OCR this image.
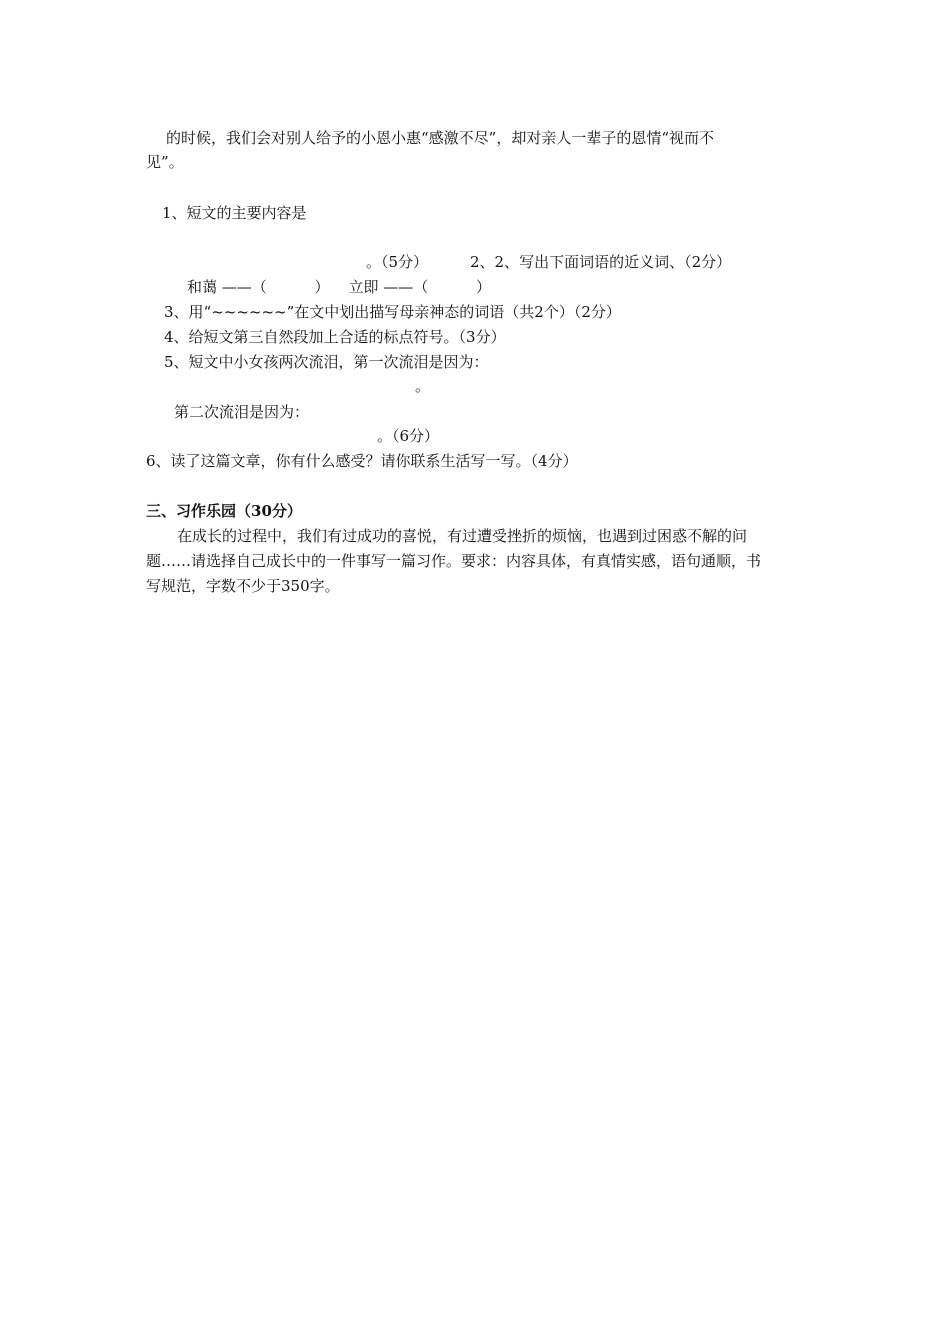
的时候，我们会对别人给予的小恩小惠“感激不尽”，却对亲人一辈子的恩情“视而不
见”。
1、短文的主要内容是
。（5分）	2、2、写出下面词语的近义词、（2分）
和蔼 ——（          ）    立即 ——（          ）
3、用“~~~~~~”在文中划出描写母亲神态的词语（共2个）（2分）
4、给短文第三自然段加上合适的标点符号。（3分）
5、短文中小女孩两次流泪，第一次流泪是因为：
。
第二次流泪是因为：
。（6分）
6、读了这篇文章，你有什么感受？请你联系生活写一写。（4分）
三、习作乐园（30分）
在成长的过程中，我们有过成功的喜悦，有过遭受挫折的烦恼，也遇到过困惑不解的问
题……请选择自己成长中的一件事写一篇习作。要求：内容具体，有真情实感，语句通顺，书
写规范，字数不少于350字。
